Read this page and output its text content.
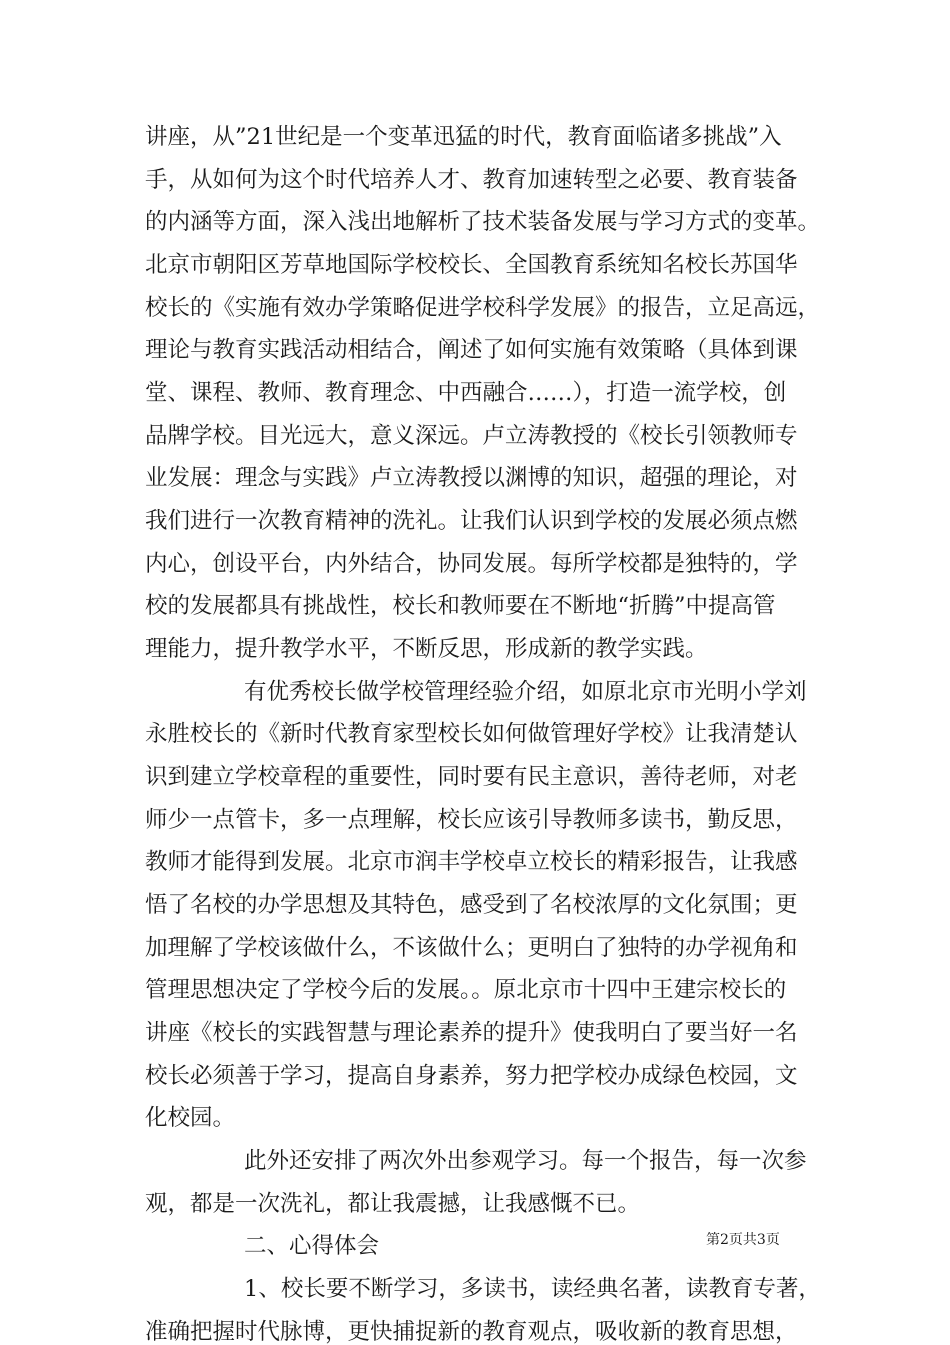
讲座，从”21世纪是一个变革迅猛的时代，教育面临诸多挑战”入

手，从如何为这个时代培养人才、教育加速转型之必要、教育装备

的内涵等方面，深入浅出地解析了技术装备发展与学习方式的变革。

北京市朝阳区芳草地国际学校校长、全国教育系统知名校长苏国华

校长的《实施有效办学策略促进学校科学发展》的报告，立足高远，

理论与教育实践活动相结合，阐述了如何实施有效策略（具体到课

堂、课程、教师、教育理念、中西融合……），打造一流学校，创

品牌学校。目光远大，意义深远。卢立涛教授的《校长引领教师专

业发展：理念与实践》卢立涛教授以渊博的知识，超强的理论，对

我们进行一次教育精神的洗礼。让我们认识到学校的发展必须点燃

内心，创设平台，内外结合，协同发展。每所学校都是独特的，学

校的发展都具有挑战性，校长和教师要在不断地“折腾”中提高管

理能力，提升教学水平，不断反思，形成新的教学实践。

有优秀校长做学校管理经验介绍，如原北京市光明小学刘

永胜校长的《新时代教育家型校长如何做管理好学校》让我清楚认

识到建立学校章程的重要性，同时要有民主意识，善待老师，对老

师少一点管卡，多一点理解，校长应该引导教师多读书，勤反思，

教师才能得到发展。北京市润丰学校卓立校长的精彩报告，让我感

悟了名校的办学思想及其特色，感受到了名校浓厚的文化氛围；更

加理解了学校该做什么，不该做什么；更明白了独特的办学视角和

管理思想决定了学校今后的发展。。原北京市十四中王建宗校长的

讲座《校长的实践智慧与理论素养的提升》使我明白了要当好一名

校长必须善于学习，提高自身素养，努力把学校办成绿色校园，文

化校园。

此外还安排了两次外出参观学习。每一个报告，每一次参

观，都是一次洗礼，都让我震撼，让我感慨不已。

二、心得体会

1、校长要不断学习，多读书，读经典名著，读教育专著，

准确把握时代脉博，更快捕捉新的教育观点，吸收新的教育思想，

第2页共3页
